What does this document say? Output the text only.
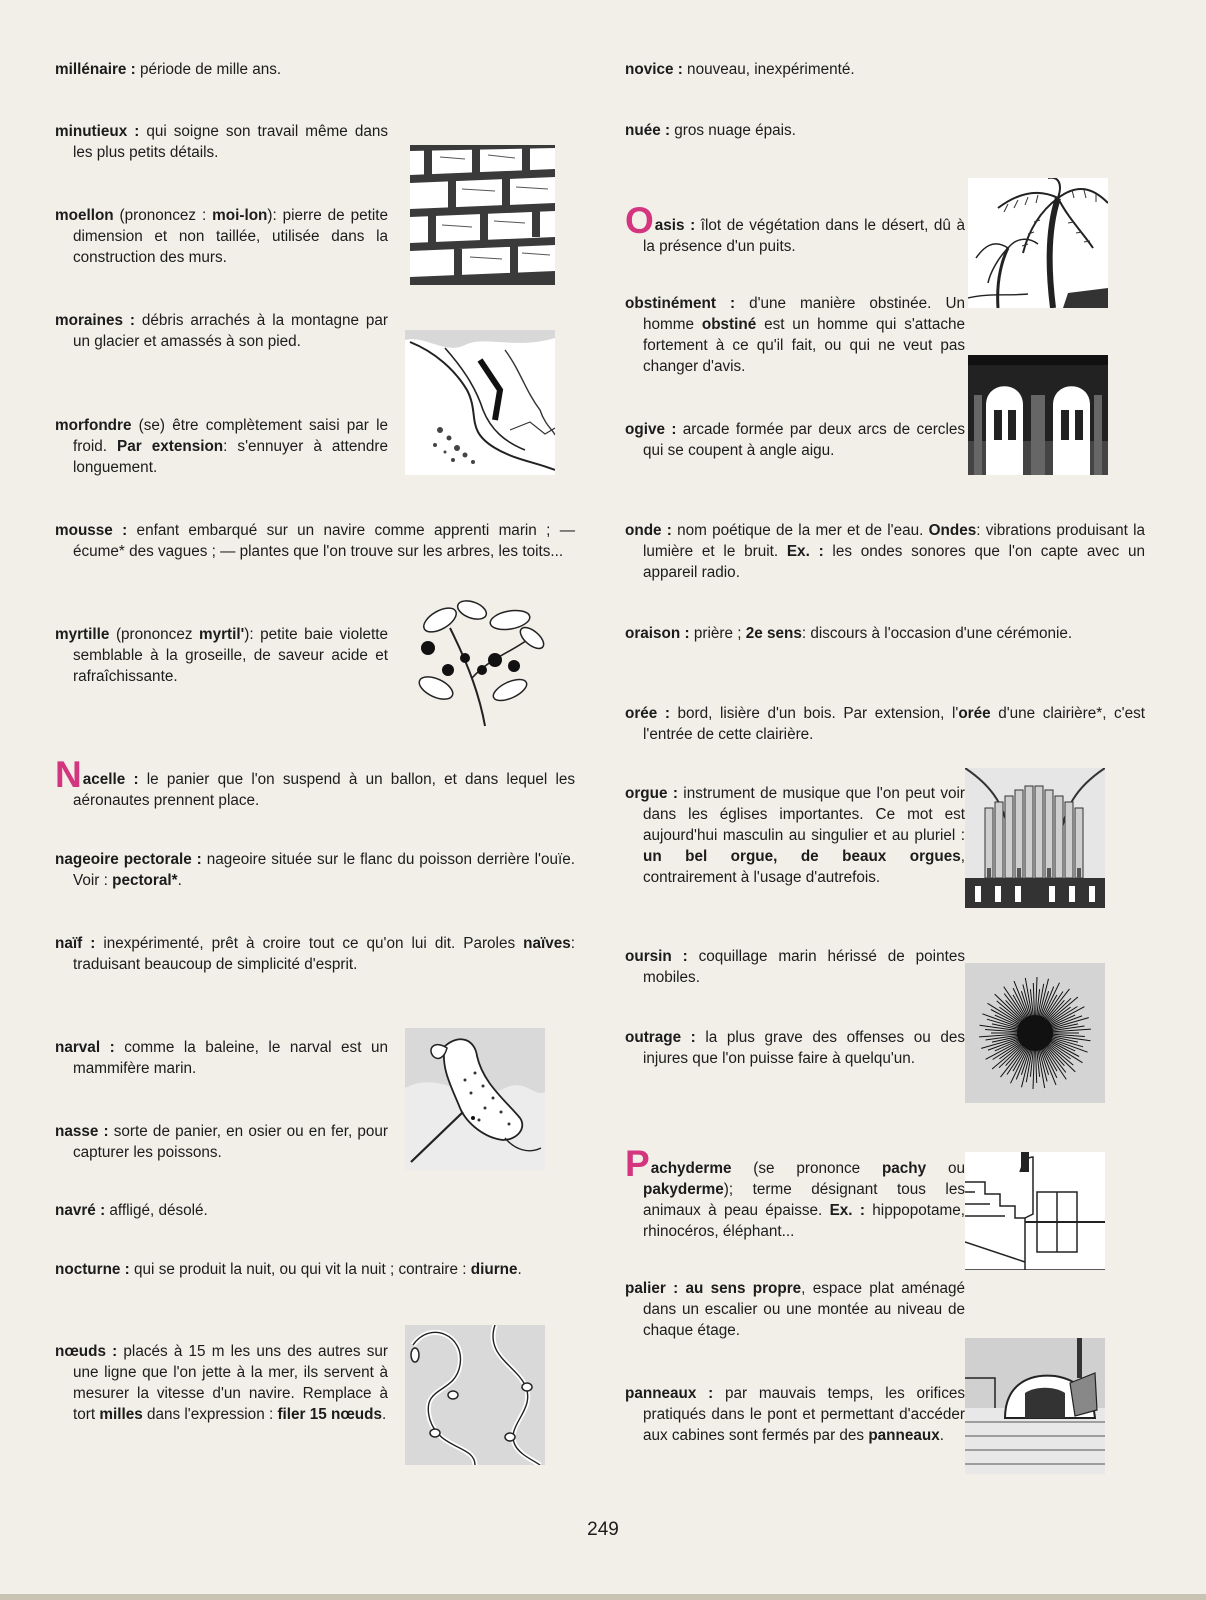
millénaire : période de mille ans.

minutieux : qui soigne son travail même dans les plus petits détails.

moellon (prononcez : moi-lon): pierre de petite dimension et non taillée, utilisée dans la construction des murs.

moraines : débris arrachés à la montagne par un glacier et amassés à son pied.

morfondre (se) être complètement saisi par le froid. Par extension: s'ennuyer à attendre longuement.

mousse : enfant embarqué sur un navire comme apprenti marin ; — écume* des vagues ; — plantes que l'on trouve sur les arbres, les toits...

myrtille (prononcez myrtil'): petite baie violette semblable à la groseille, de saveur acide et rafraîchissante.

Nacelle : le panier que l'on suspend à un ballon, et dans lequel les aéronautes prennent place.

nageoire pectorale : nageoire située sur le flanc du poisson derrière l'ouïe. Voir : pectoral*.

naïf : inexpérimenté, prêt à croire tout ce qu'on lui dit. Paroles naïves: traduisant beaucoup de simplicité d'esprit.

narval : comme la baleine, le narval est un mammifère marin.

nasse : sorte de panier, en osier ou en fer, pour capturer les poissons.

navré : affligé, désolé.

nocturne : qui se produit la nuit, ou qui vit la nuit ; contraire : diurne.

nœuds : placés à 15 m les uns des autres sur une ligne que l'on jette à la mer, ils servent à mesurer la vitesse d'un navire. Remplace à tort milles dans l'expression : filer 15 nœuds.

novice : nouveau, inexpérimenté.

nuée : gros nuage épais.

Oasis : îlot de végétation dans le désert, dû à la présence d'un puits.

obstinément : d'une manière obstinée. Un homme obstiné est un homme qui s'attache fortement à ce qu'il fait, ou qui ne veut pas changer d'avis.

ogive : arcade formée par deux arcs de cercles qui se coupent à angle aigu.

onde : nom poétique de la mer et de l'eau. Ondes: vibrations produisant la lumière et le bruit. Ex. : les ondes sonores que l'on capte avec un appareil radio.

oraison : prière ; 2e sens: discours à l'occasion d'une cérémonie.

orée : bord, lisière d'un bois. Par extension, l'orée d'une clairière*, c'est l'entrée de cette clairière.

orgue : instrument de musique que l'on peut voir dans les églises importantes. Ce mot est aujourd'hui masculin au singulier et au pluriel : un bel orgue, de beaux orgues, contrairement à l'usage d'autrefois.

oursin : coquillage marin hérissé de pointes mobiles.

outrage : la plus grave des offenses ou des injures que l'on puisse faire à quelqu'un.

Pachyderme (se prononce pachy ou pakyderme); terme désignant tous les animaux à peau épaisse. Ex. : hippopotame, rhinocéros, éléphant...

palier : au sens propre, espace plat aménagé dans un escalier ou une montée au niveau de chaque étage.

panneaux : par mauvais temps, les orifices pratiqués dans le pont et permettant d'accéder aux cabines sont fermés par des panneaux.

249
